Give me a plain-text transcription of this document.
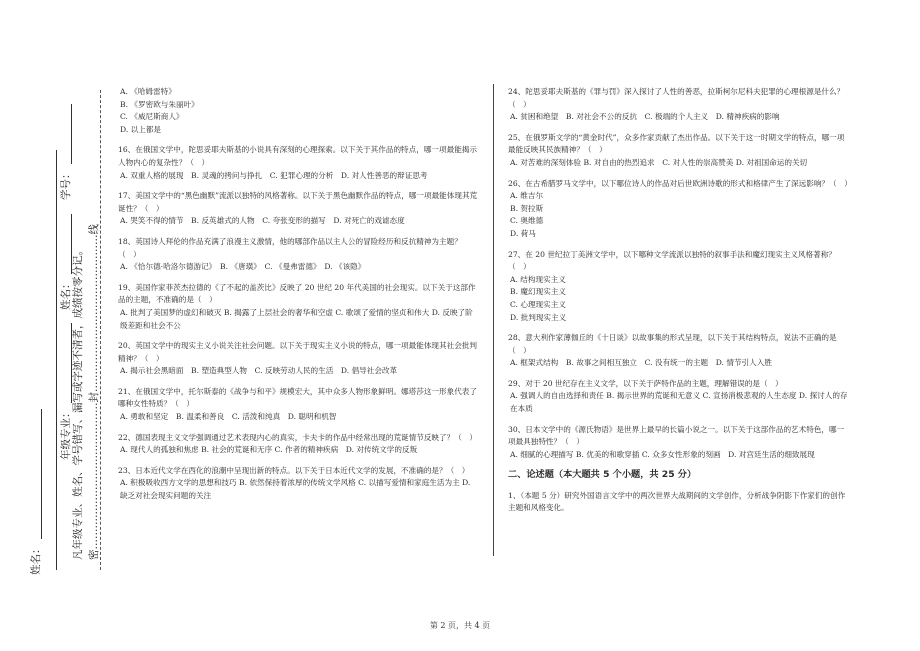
密……………………………………封………………………………………线
凡年级专业、姓名、学号错写、漏写或字迹不清者，成绩按零分记。
学号：
姓名：
年级专业：
姓名：

A. 《哈姆雷特》

B. 《罗密欧与朱丽叶》

C. 《威尼斯商人》

D. 以上都是

16、在俄国文学中，陀思妥耶夫斯基的小说具有深刻的心理探索。以下关于其作品的特点，哪一项最能揭示人物内心的复杂性？（　）

A. 双重人格的展现　B. 灵魂的拷问与挣扎　C. 犯罪心理的分析　D. 对人性善恶的辩证思考

17、美国文学中的“黑色幽默”流派以独特的风格著称。以下关于黑色幽默作品的特点，哪一项最能体现其荒诞性？（　）

A. 哭笑不得的情节　B. 反英雄式的人物　C. 夸张变形的描写　D. 对死亡的戏谑态度

18、英国诗人拜伦的作品充满了浪漫主义激情，他的哪部作品以主人公的冒险经历和反抗精神为主题？（　）

A. 《恰尔德·哈洛尔德游记》　B. 《唐璜》　C. 《曼弗雷德》　D. 《该隐》

19、美国作家菲茨杰拉德的《了不起的盖茨比》反映了 20 世纪 20 年代美国的社会现实。以下关于这部作品的主题，不准确的是（　）

A. 批判了美国梦的虚幻和破灭 B. 揭露了上层社会的奢华和空虚 C. 歌颂了爱情的坚贞和伟大 D. 反映了阶级差距和社会不公

20、英国文学中的现实主义小说关注社会问题。以下关于现实主义小说的特点，哪一项最能体现其社会批判精神？（　）

A. 揭示社会黑暗面　B. 塑造典型人物　C. 反映劳动人民的生活　D. 倡导社会改革

21、在俄国文学中，托尔斯泰的《战争与和平》规模宏大，其中众多人物形象鲜明。娜塔莎这一形象代表了哪种女性特质？（　）

A. 勇敢和坚定　B. 温柔和善良　C. 活泼和纯真　D. 聪明和机智

22、德国表现主义文学强调通过艺术表现内心的真实，卡夫卡的作品中经常出现的荒诞情节反映了？（　）

A. 现代人的孤独和焦虑 B. 社会的荒诞和无序 C. 作者的精神疾病　D. 对传统文学的反叛

23、日本近代文学在西化的浪潮中呈现出新的特点。以下关于日本近代文学的发展，不准确的是？（　）

A. 积极吸收西方文学的思想和技巧 B. 依然保持着浓厚的传统文学风格 C. 以描写爱情和家庭生活为主 D. 缺乏对社会现实问题的关注

24、陀思妥耶夫斯基的《罪与罚》深入探讨了人性的善恶，拉斯柯尔尼科夫犯罪的心理根源是什么？（　）

A. 贫困和绝望　B. 对社会不公的反抗　C. 极端的个人主义　D. 精神疾病的影响

25、在俄罗斯文学的“黄金时代”，众多作家贡献了杰出作品。以下关于这一时期文学的特点，哪一项最能反映其民族精神？（　）

A. 对苦难的深刻体验 B. 对自由的热烈追求　C. 对人性的崇高赞美 D. 对祖国命运的关切

26、在古希腊罗马文学中，以下哪位诗人的作品对后世欧洲诗歌的形式和格律产生了深远影响？（　）

A. 维吉尔

B. 贺拉斯

C. 奥维德

D. 荷马

27、在 20 世纪拉丁美洲文学中，以下哪种文学流派以独特的叙事手法和魔幻现实主义风格著称？（　）

A. 结构现实主义

B. 魔幻现实主义

C. 心理现实主义

D. 批判现实主义

28、意大利作家薄伽丘的《十日谈》以故事集的形式呈现，以下关于其结构特点，说法不正确的是（　）

A. 框架式结构　B. 故事之间相互独立　C. 没有统一的主题　D. 情节引人入胜

29、对于 20 世纪存在主义文学，以下关于萨特作品的主题，理解错误的是（　）

A. 强调人的自由选择和责任 B. 揭示世界的荒诞和无意义 C. 宣扬消极悲观的人生态度 D. 探讨人的存在本质

30、日本文学中的《源氏物语》是世界上最早的长篇小说之一。以下关于这部作品的艺术特色，哪一项最具独特性？（　）

A. 细腻的心理描写 B. 优美的和歌穿插 C. 众多女性形象的刻画　D. 对宫廷生活的细致展现

二、论述题（本大题共 5 个小题，共 25 分）

1、（本题 5 分）研究外国语言文学中的两次世界大战期间的文学创作，分析战争阴影下作家们的创作主题和风格变化。

第 2 页，共 4 页
